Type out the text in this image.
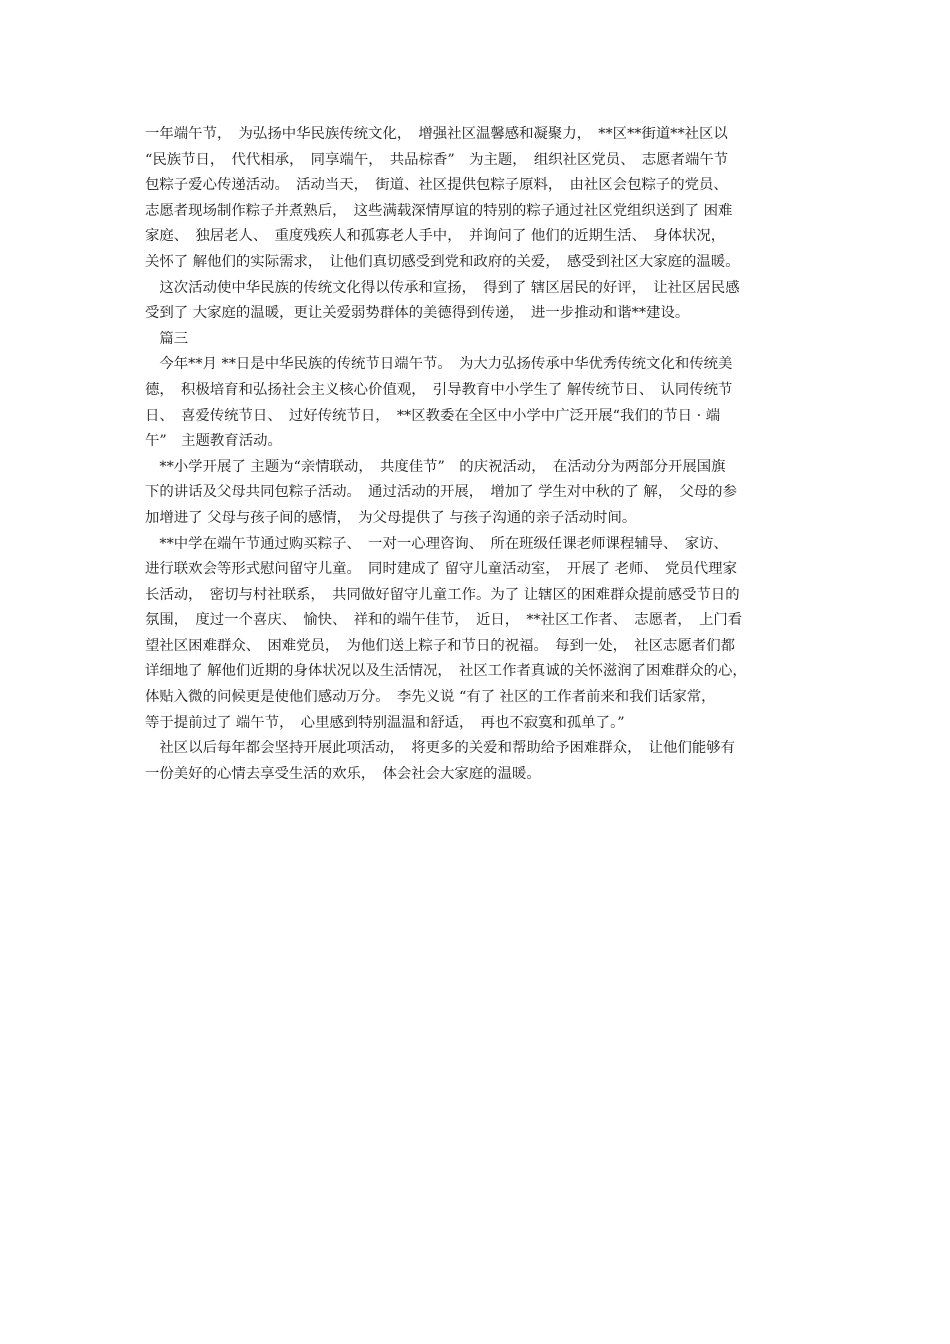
一年端午节，　为弘扬中华民族传统文化，　增强社区温馨感和凝聚力，　**区**街道**社区以
“民族节日，　代代相承，　同享端午，　共品棕香”　为主题，　组织社区党员、　志愿者端午节
包粽子爱心传递活动。　活动当天，　街道、社区提供包粽子原料，　由社区会包粽子的党员、
志愿者现场制作粽子并煮熟后，　这些满载深情厚谊的特别的粽子通过社区党组织送到了 困难
家庭、　独居老人、　重度残疾人和孤寡老人手中，　并询问了 他们的近期生活、　身体状况，
关怀了 解他们的实际需求，　让他们真切感受到党和政府的关爱，　感受到社区大家庭的温暖。

　这次活动使中华民族的传统文化得以传承和宣扬，　得到了 辖区居民的好评，　让社区居民感
受到了 大家庭的温暖，更让关爱弱势群体的美德得到传递，　进一步推动和谐**建设。

　篇三

　今年**月 **日是中华民族的传统节日端午节。　为大力弘扬传承中华优秀传统文化和传统美
德，　积极培育和弘扬社会主义核心价值观，　引导教育中小学生了 解传统节日、　认同传统节
日、　喜爱传统节日、　过好传统节日，　**区教委在全区中小学中广泛开展“我们的节日 · 端
午”　主题教育活动。

　**小学开展了 主题为“亲情联动，　共度佳节”　的庆祝活动，　在活动分为两部分开展国旗
下的讲话及父母共同包粽子活动。　通过活动的开展，　增加了 学生对中秋的了 解，　父母的参
加增进了 父母与孩子间的感情，　为父母提供了 与孩子沟通的亲子活动时间。

　**中学在端午节通过购买粽子、　一对一心理咨询、　所在班级任课老师课程辅导、　家访、
进行联欢会等形式慰问留守儿童。　同时建成了 留守儿童活动室，　开展了 老师、　党员代理家
长活动，　密切与村社联系，　共同做好留守儿童工作。为了 让辖区的困难群众提前感受节日的
氛围，　度过一个喜庆、　愉快、　祥和的端午佳节，　近日，　**社区工作者、　志愿者，　上门看
望社区困难群众、　困难党员，　为他们送上粽子和节日的祝福。　每到一处，　社区志愿者们都
详细地了 解他们近期的身体状况以及生活情况，　社区工作者真诚的关怀滋润了困难群众的心，
体贴入微的问候更是使他们感动万分。　李先义说 “有了 社区的工作者前来和我们话家常，
等于提前过了 端午节，　心里感到特别温温和舒适，　再也不寂寞和孤单了。”

　社区以后每年都会坚持开展此项活动，　将更多的关爱和帮助给予困难群众，　让他们能够有
一份美好的心情去享受生活的欢乐，　体会社会大家庭的温暖。
